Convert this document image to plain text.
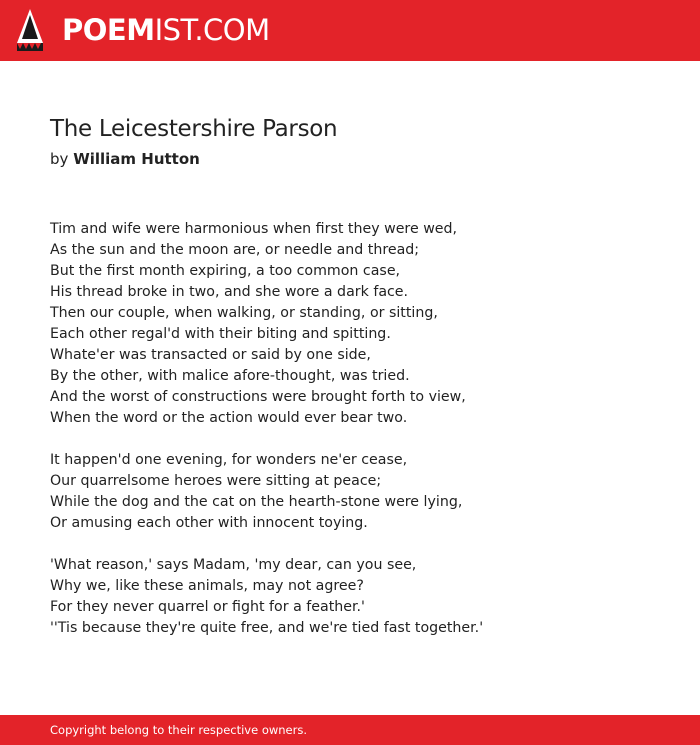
POEMIST.COM
The Leicestershire Parson
by William Hutton
Tim and wife were harmonious when first they were wed,
As the sun and the moon are, or needle and thread;
But the first month expiring, a too common case,
His thread broke in two, and she wore a dark face.
Then our couple, when walking, or standing, or sitting,
Each other regal'd with their biting and spitting.
Whate'er was transacted or said by one side,
By the other, with malice afore-thought, was tried.
And the worst of constructions were brought forth to view,
When the word or the action would ever bear two.
It happen'd one evening, for wonders ne'er cease,
Our quarrelsome heroes were sitting at peace;
While the dog and the cat on the hearth-stone were lying,
Or amusing each other with innocent toying.
'What reason,' says Madam, 'my dear, can you see,
Why we, like these animals, may not agree?
For they never quarrel or fight for a feather.'
''Tis because they're quite free, and we're tied fast together.'
Copyright belong to their respective owners.
